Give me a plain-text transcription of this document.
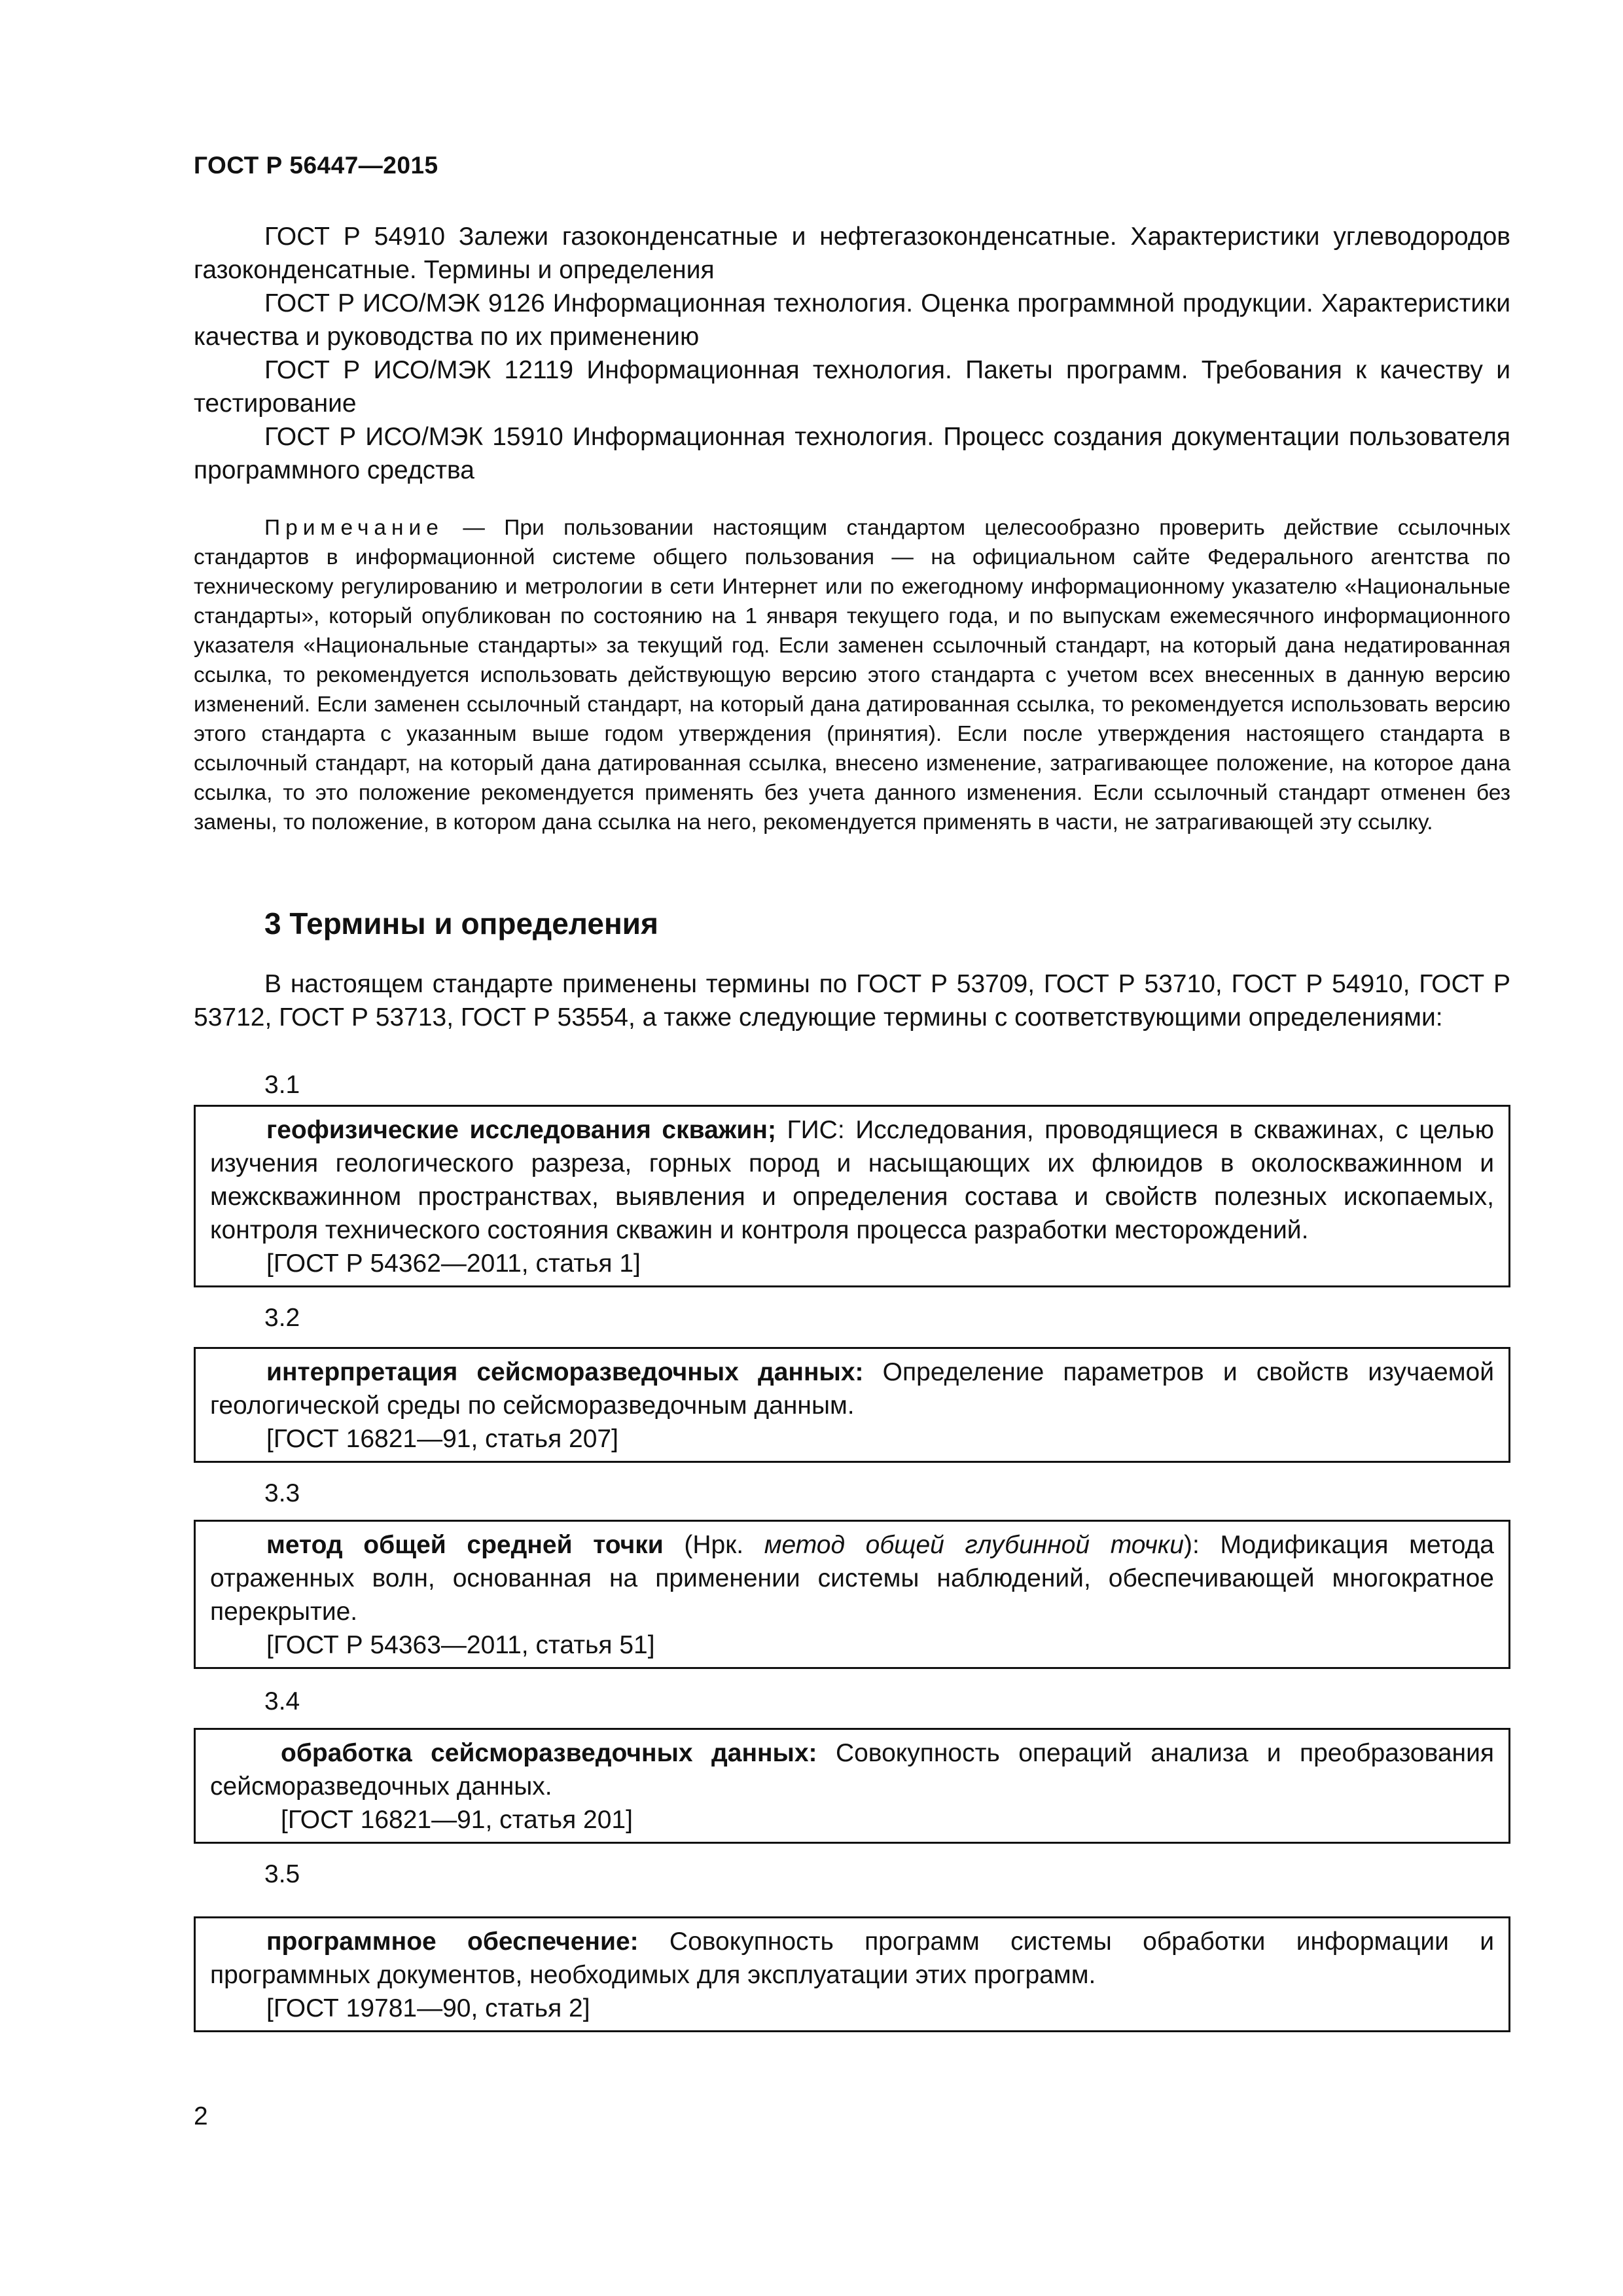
ГОСТ Р 56447—2015

ГОСТ Р 54910 Залежи газоконденсатные и нефтегазоконденсатные. Характеристики углеводородов газоконденсатные. Термины и определения

ГОСТ Р ИСО/МЭК 9126 Информационная технология. Оценка программной продукции. Характеристики качества и руководства по их применению

ГОСТ Р ИСО/МЭК 12119 Информационная технология. Пакеты программ. Требования к качеству и тестирование

ГОСТ Р ИСО/МЭК 15910 Информационная технология. Процесс создания документации пользователя программного средства

Примечание — При пользовании настоящим стандартом целесообразно проверить действие ссылочных стандартов в информационной системе общего пользования — на официальном сайте Федерального агентства по техническому регулированию и метрологии в сети Интернет или по ежегодному информационному указателю «Национальные стандарты», который опубликован по состоянию на 1 января текущего года, и по выпускам ежемесячного информационного указателя «Национальные стандарты» за текущий год. Если заменен ссылочный стандарт, на который дана недатированная ссылка, то рекомендуется использовать действующую версию этого стандарта с учетом всех внесенных в данную версию изменений. Если заменен ссылочный стандарт, на который дана датированная ссылка, то рекомендуется использовать версию этого стандарта с указанным выше годом утверждения (принятия). Если после утверждения настоящего стандарта в ссылочный стандарт, на который дана датированная ссылка, внесено изменение, затрагивающее положение, на которое дана ссылка, то это положение рекомендуется применять без учета данного изменения. Если ссылочный стандарт отменен без замены, то положение, в котором дана ссылка на него, рекомендуется применять в части, не затрагивающей эту ссылку.

3 Термины и определения

В настоящем стандарте применены термины по ГОСТ Р 53709, ГОСТ Р 53710, ГОСТ Р 54910, ГОСТ Р 53712, ГОСТ Р 53713, ГОСТ Р 53554, а также следующие термины с соответствующими определениями:

3.1

геофизические исследования скважин; ГИС: Исследования, проводящиеся в скважинах, с целью изучения геологического разреза, горных пород и насыщающих их флюидов в околоскважинном и межскважинном пространствах, выявления и определения состава и свойств полезных ископаемых, контроля технического состояния скважин и контроля процесса разработки месторождений.

[ГОСТ Р 54362—2011, статья 1]

3.2

интерпретация сейсморазведочных данных: Определение параметров и свойств изучаемой геологической среды по сейсморазведочным данным.

[ГОСТ 16821—91, статья 207]

3.3

метод общей средней точки (Нрк. метод общей глубинной точки): Модификация метода отраженных волн, основанная на применении системы наблюдений, обеспечивающей многократное перекрытие.

[ГОСТ Р 54363—2011, статья 51]

3.4

обработка сейсморазведочных данных: Совокупность операций анализа и преобразования сейсморазведочных данных.

[ГОСТ 16821—91, статья 201]

3.5

программное обеспечение: Совокупность программ системы обработки информации и программных документов, необходимых для эксплуатации этих программ.

[ГОСТ 19781—90, статья 2]

2
